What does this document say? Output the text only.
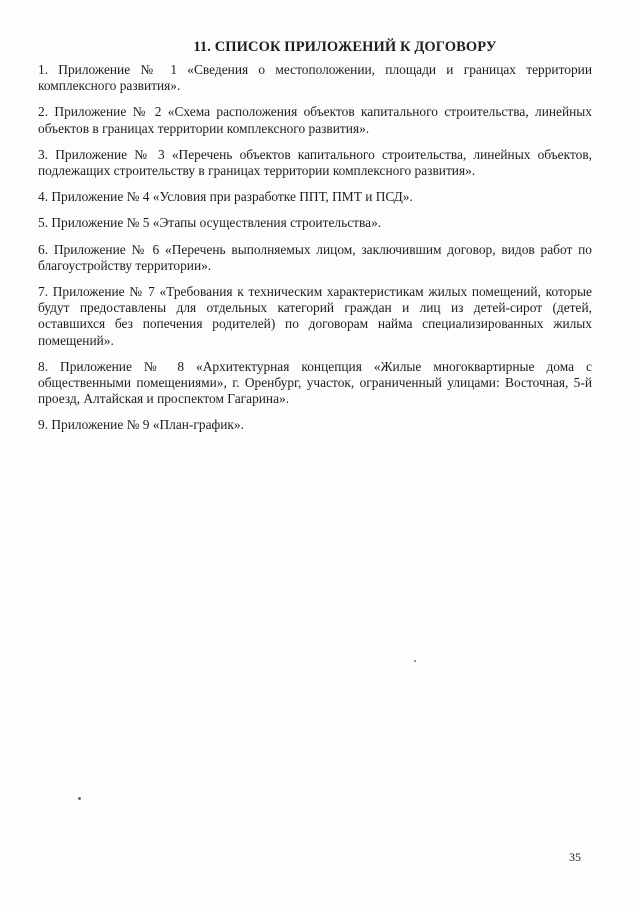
11. СПИСОК ПРИЛОЖЕНИЙ К ДОГОВОРУ
1. Приложение № 1 «Сведения о местоположении, площади и границах территории комплексного развития».
2. Приложение № 2 «Схема расположения объектов капитального строительства, линейных объектов в границах территории комплексного развития».
3. Приложение № 3 «Перечень объектов капитального строительства, линейных объектов, подлежащих строительству в границах территории комплексного развития».
4. Приложение № 4 «Условия при разработке ППТ, ПМТ и ПСД».
5. Приложение № 5 «Этапы осуществления строительства».
6. Приложение № 6 «Перечень выполняемых лицом, заключившим договор, видов работ по благоустройству территории».
7. Приложение № 7 «Требования к техническим характеристикам жилых помещений, которые будут предоставлены для отдельных категорий граждан и лиц из детей-сирот (детей, оставшихся без попечения родителей) по договорам найма специализированных жилых помещений».
8. Приложение № 8 «Архитектурная концепция «Жилые многоквартирные дома с общественными помещениями», г. Оренбург, участок, ограниченный улицами: Восточная, 5-й проезд, Алтайская и проспектом Гагарина».
9. Приложение № 9 «План-график».
35
